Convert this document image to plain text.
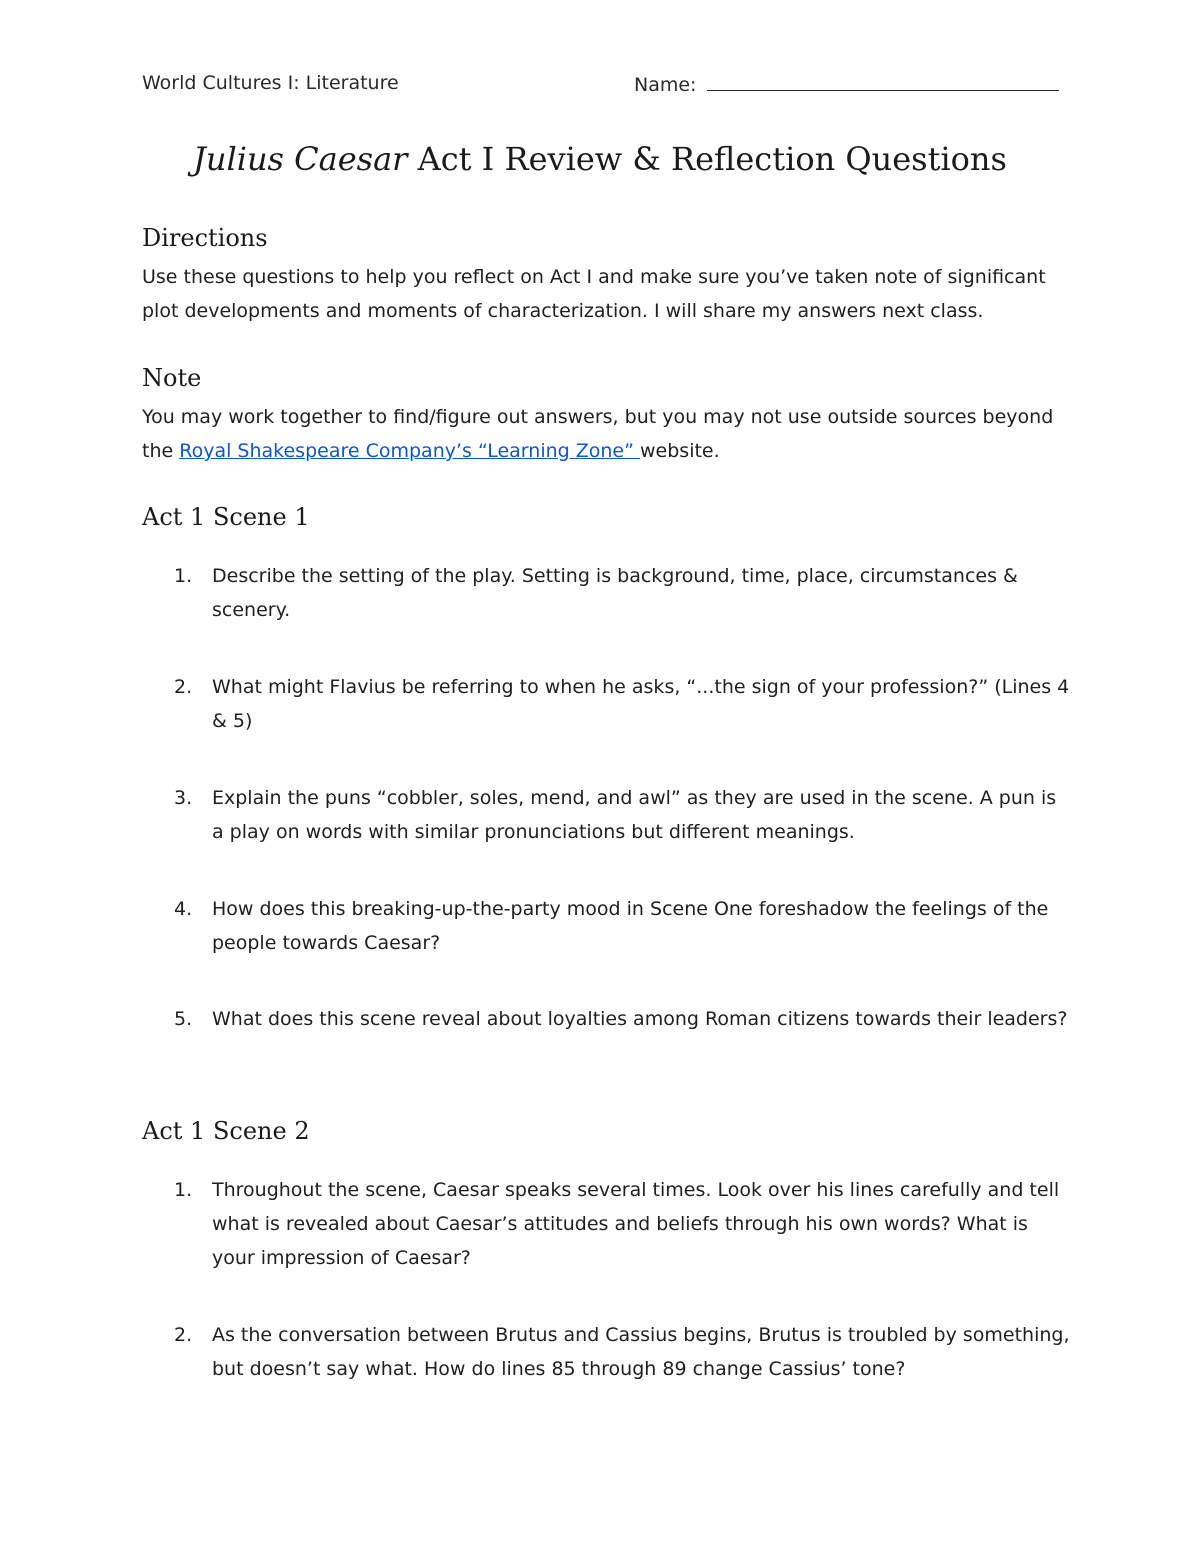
World Cultures I: Literature	Name:
Julius Caesar Act I Review & Reflection Questions
Directions

Use these questions to help you reflect on Act I and make sure you’ve taken note of significant plot developments and moments of characterization. I will share my answers next class.

Note

You may work together to find/figure out answers, but you may not use outside sources beyond the Royal Shakespeare Company’s “Learning Zone” website.

Act 1 Scene 1
1. Describe the setting of the play. Setting is background, time, place, circumstances & scenery.
2. What might Flavius be referring to when he asks, “...the sign of your profession?” (Lines 4 & 5)
3. Explain the puns “cobbler, soles, mend, and awl” as they are used in the scene. A pun is a play on words with similar pronunciations but different meanings.
4. How does this breaking-up-the-party mood in Scene One foreshadow the feelings of the people towards Caesar?
5. What does this scene reveal about loyalties among Roman citizens towards their leaders?
Act 1 Scene 2
1. Throughout the scene, Caesar speaks several times. Look over his lines carefully and tell what is revealed about Caesar’s attitudes and beliefs through his own words? What is your impression of Caesar?
2. As the conversation between Brutus and Cassius begins, Brutus is troubled by something, but doesn’t say what. How do lines 85 through 89 change Cassius’ tone?
